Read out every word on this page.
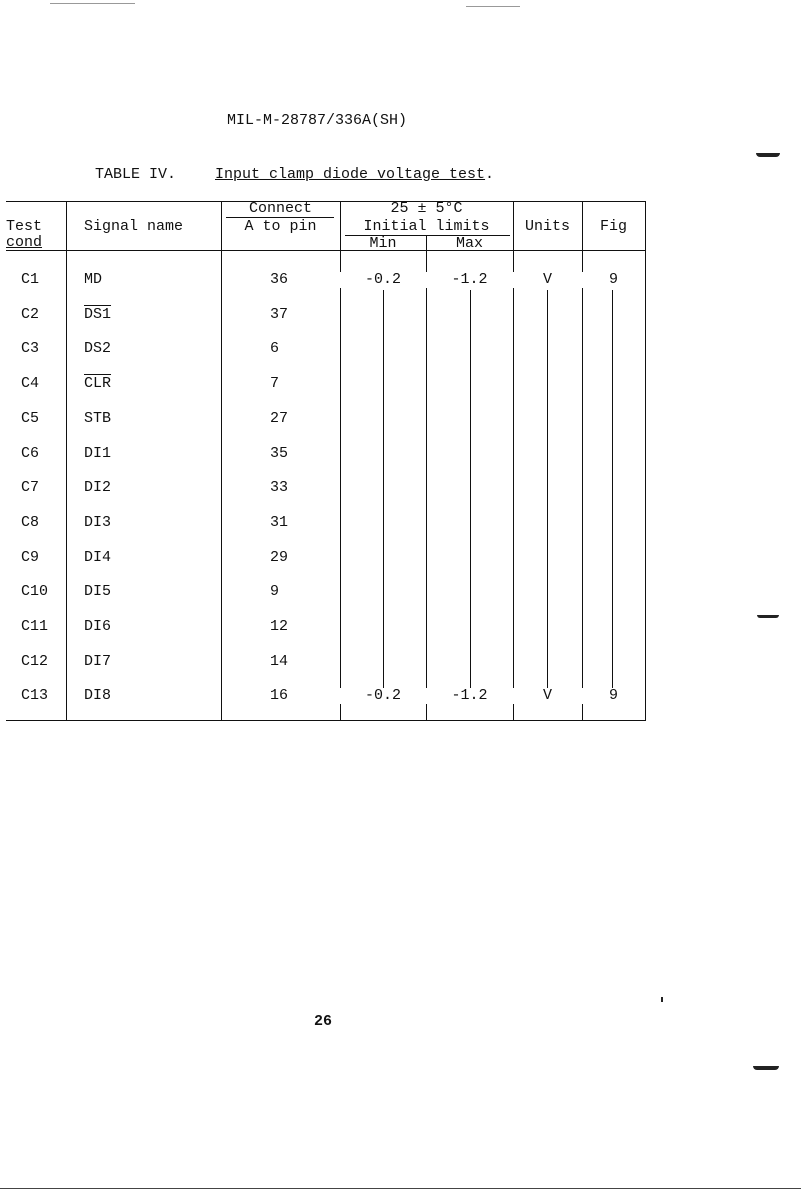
MIL-M-28787/336A(SH)
TABLE IV.	Input clamp diode voltage test.
Test
cond
Signal name
Connect
A to pin
25 ± 5°C
Initial limits
Min	Max
Units	Fig
C1	MD	36	-0.2	-1.2	V	9
C2	DS1	37
C3	DS2	6
C4	$\overline{CLR}$	7
C5	STB	27
C6	DI1	35
C7	DI2	33
C8	DI3	31
C9	DI4	29
C10 DI5	9
C11 DI6	12
C12 DI7	14
C13 DI8	16	-0.2	-1.2	V	9
26
